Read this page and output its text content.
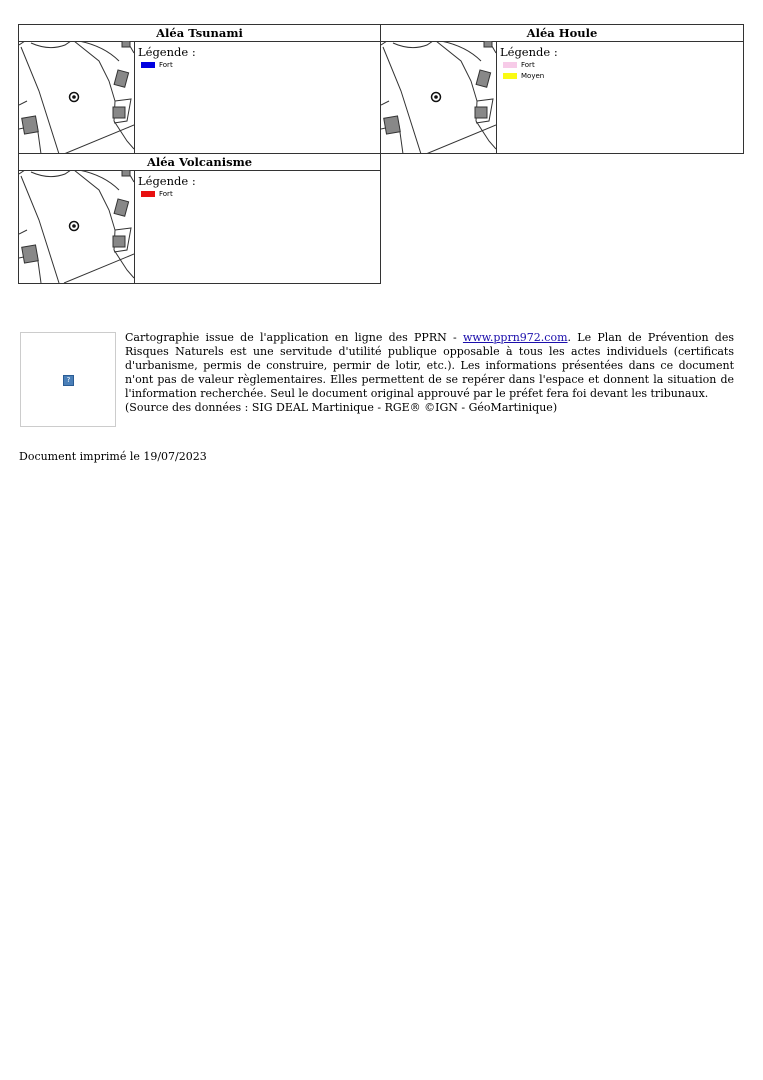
Aléa Tsunami
Légende :
Fort
Aléa Houle
Légende :
Fort
Moyen
Aléa Volcanisme
Légende :
Fort
?
Cartographie issue de l'application en ligne des PPRN - www.pprn972.com. Le Plan de Prévention des Risques Naturels est une servitude d'utilité publique opposable à tous les actes individuels (certificats d'urbanisme, permis de construire, permir de lotir, etc.). Les informations présentées dans ce document n'ont pas de valeur règlementaires. Elles permettent de se repérer dans l'espace et donnent la situation de l'information recherchée. Seul le document original approuvé par le préfet fera foi devant les tribunaux.
(Source des données : SIG DEAL Martinique - RGE® ©IGN - GéoMartinique)
Document imprimé le 19/07/2023
